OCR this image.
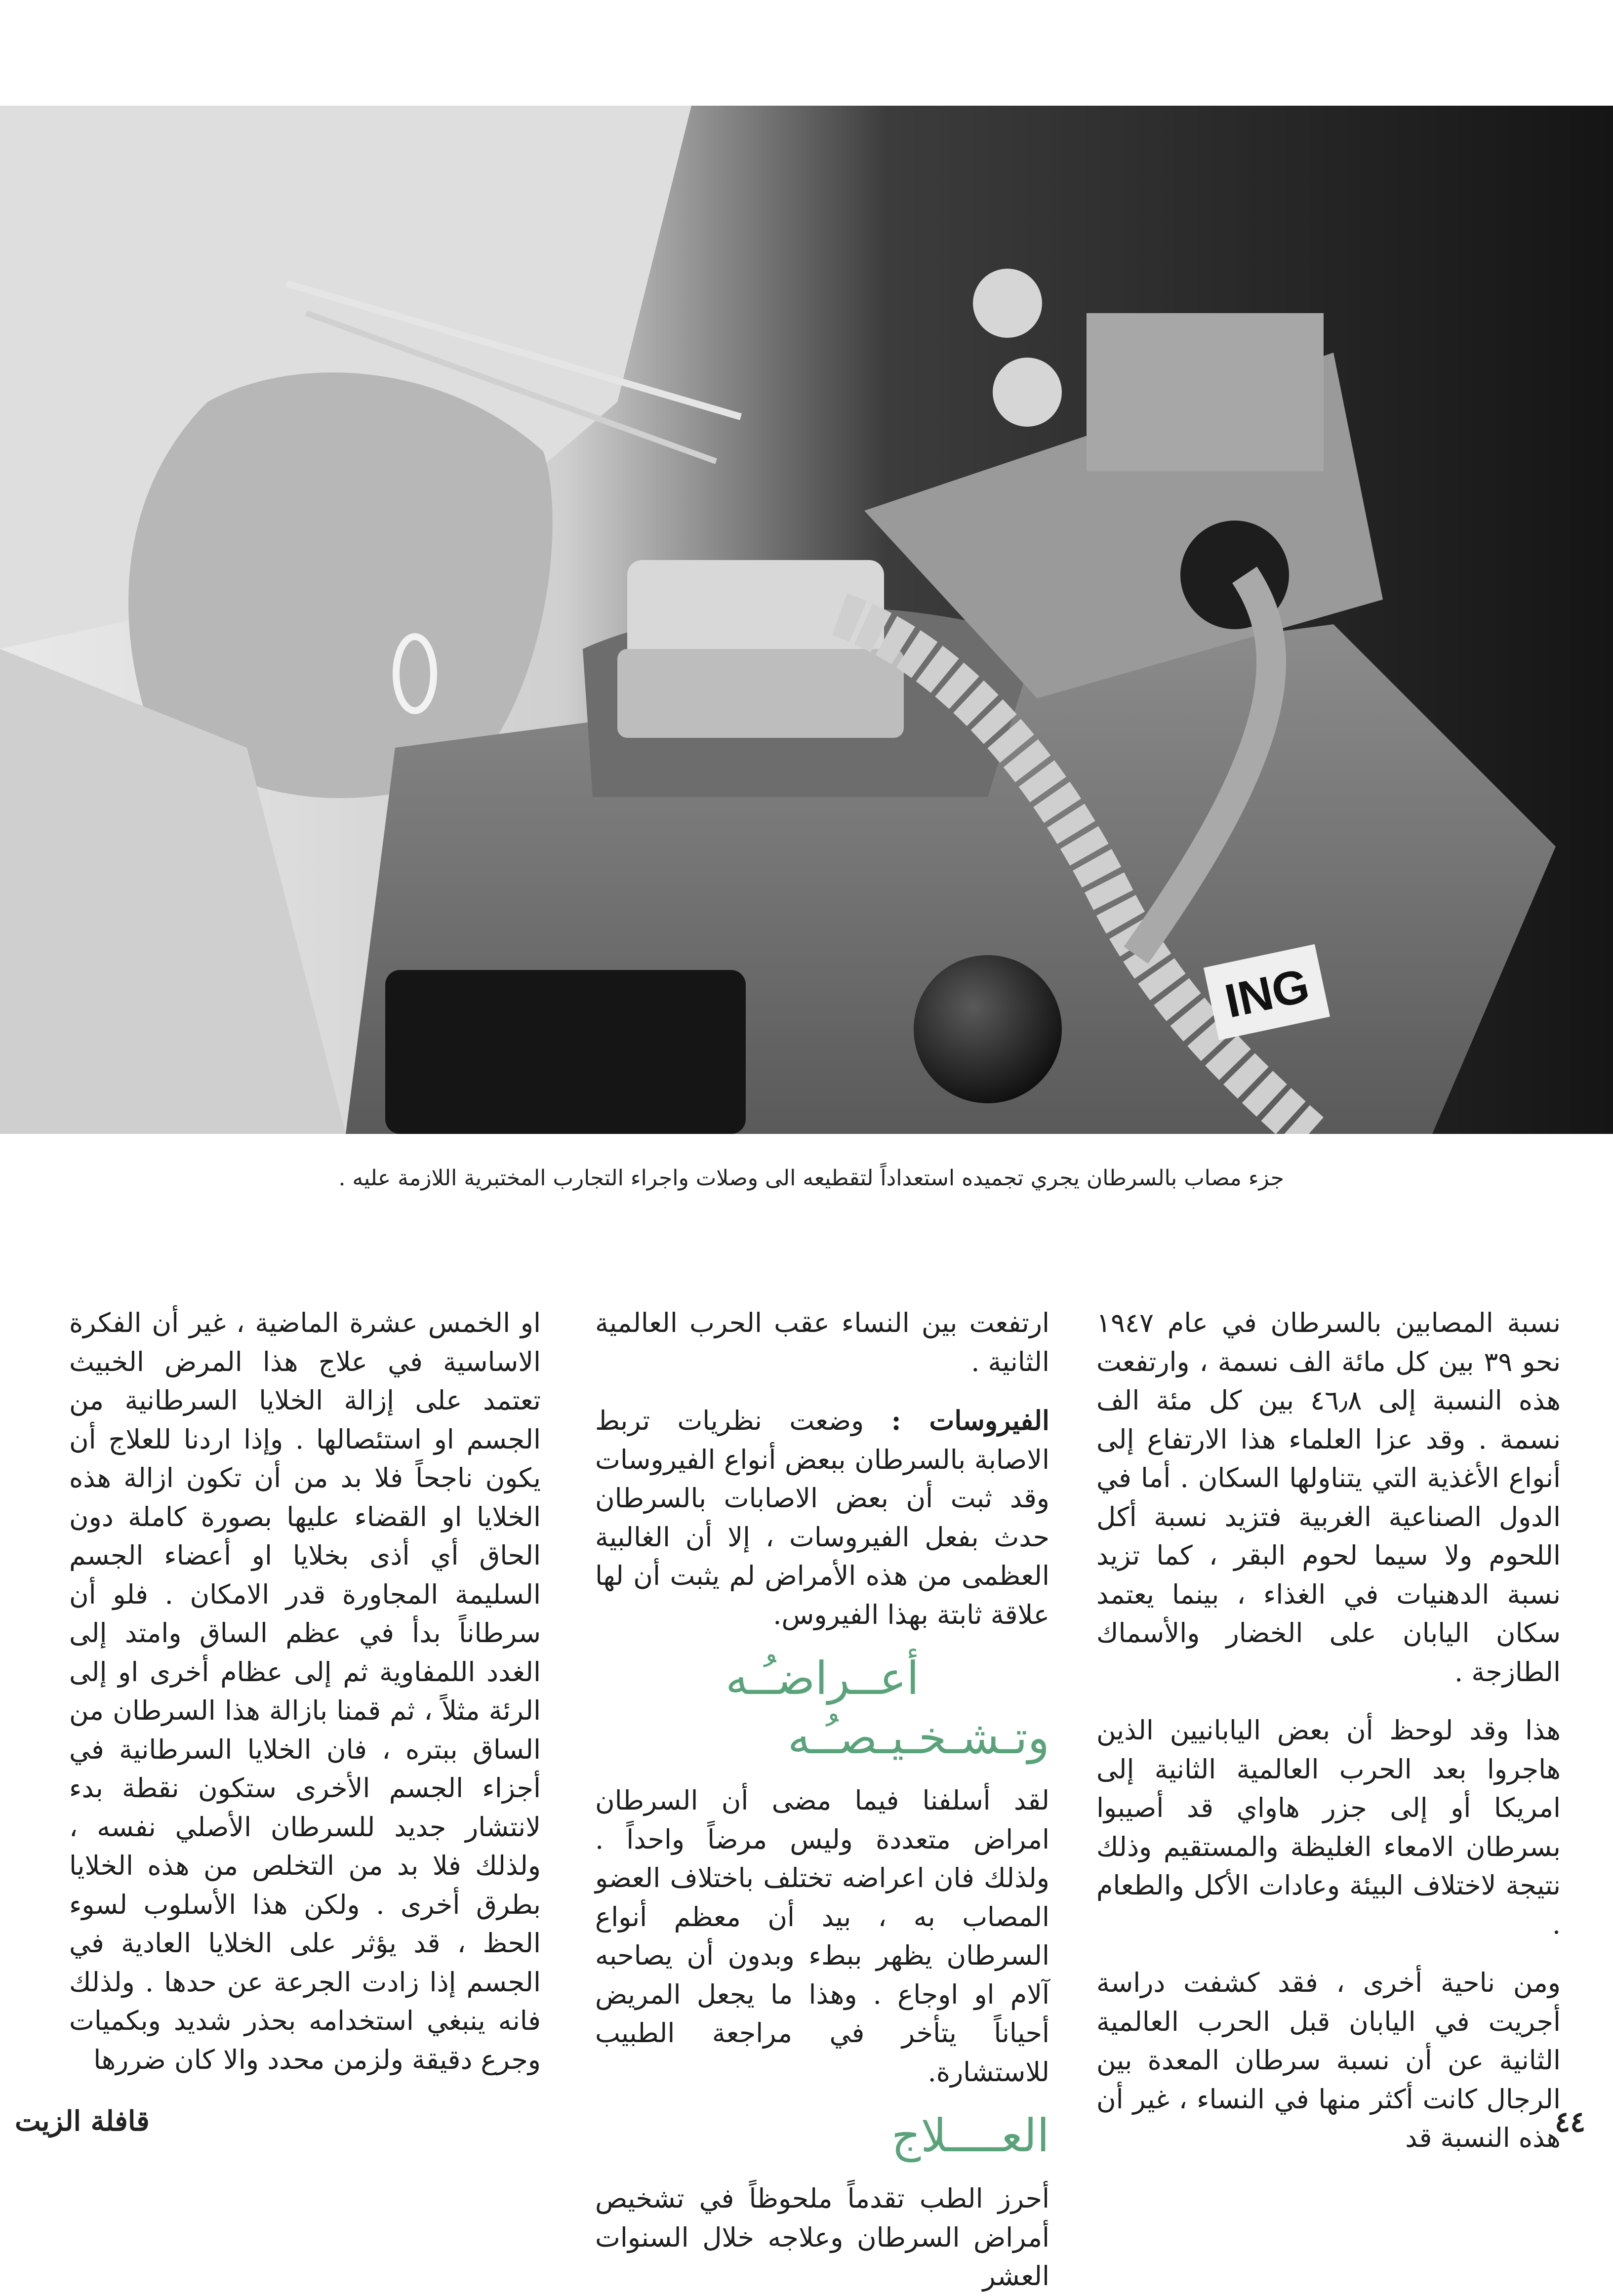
ING
جزء مصاب بالسرطان يجري تجميده استعداداً لتقطيعه الى وصلات واجراء التجارب المختبرية اللازمة عليه .

نسبة المصابين بالسرطان في عام ١٩٤٧ نحو ٣٩ بين كل مائة الف نسمة ، وارتفعت هذه النسبة إلى ٤٦٫٨ بين كل مئة الف نسمة . وقد عزا العلماء هذا الارتفاع إلى أنواع الأغذية التي يتناولها السكان . أما في الدول الصناعية الغربية فتزيد نسبة أكل اللحوم ولا سيما لحوم البقر ، كما تزيد نسبة الدهنيات في الغذاء ، بينما يعتمد سكان اليابان على الخضار والأسماك الطازجة .

هذا وقد لوحظ أن بعض اليابانيين الذين هاجروا بعد الحرب العالمية الثانية إلى امريكا أو إلى جزر هاواي قد أصيبوا بسرطان الامعاء الغليظة والمستقيم وذلك نتيجة لاختلاف البيئة وعادات الأكل والطعام .

ومن ناحية أخرى ، فقد كشفت دراسة أجريت في اليابان قبل الحرب العالمية الثانية عن أن نسبة سرطان المعدة بين الرجال كانت أكثر منها في النساء ، غير أن هذه النسبة قد

ارتفعت بين النساء عقب الحرب العالمية الثانية .

الفيروسات : وضعت نظريات تربط الاصابة بالسرطان ببعض أنواع الفيروسات وقد ثبت أن بعض الاصابات بالسرطان حدث بفعل الفيروسات ، إلا أن الغالبية العظمى من هذه الأمراض لم يثبت أن لها علاقة ثابتة بهذا الفيروس.

أعــراضـُـه وتـشـخـيـصـُـه

لقد أسلفنا فيما مضى أن السرطان امراض متعددة وليس مرضاً واحداً . ولذلك فان اعراضه تختلف باختلاف العضو المصاب به ، بيد أن معظم أنواع السرطان يظهر ببطء وبدون أن يصاحبه آلام او اوجاع . وهذا ما يجعل المريض أحياناً يتأخر في مراجعة الطبيب للاستشارة.

العــــلاج

أحرز الطب تقدماً ملحوظاً في تشخيص أمراض السرطان وعلاجه خلال السنوات العشر

او الخمس عشرة الماضية ، غير أن الفكرة الاساسية في علاج هذا المرض الخبيث تعتمد على إزالة الخلايا السرطانية من الجسم او استئصالها . وإذا اردنا للعلاج أن يكون ناجحاً فلا بد من أن تكون ازالة هذه الخلايا او القضاء عليها بصورة كاملة دون الحاق أي أذى بخلايا او أعضاء الجسم السليمة المجاورة قدر الامكان . فلو أن سرطاناً بدأ في عظم الساق وامتد إلى الغدد اللمفاوية ثم إلى عظام أخرى او إلى الرئة مثلاً ، ثم قمنا بازالة هذا السرطان من الساق ببتره ، فان الخلايا السرطانية في أجزاء الجسم الأخرى ستكون نقطة بدء لانتشار جديد للسرطان الأصلي نفسه ، ولذلك فلا بد من التخلص من هذه الخلايا بطرق أخرى . ولكن هذا الأسلوب لسوء الحظ ، قد يؤثر على الخلايا العادية في الجسم إذا زادت الجرعة عن حدها . ولذلك فانه ينبغي استخدامه بحذر شديد وبكميات وجرع دقيقة ولزمن محدد والا كان ضررها

٤٤
قافلة الزيت
